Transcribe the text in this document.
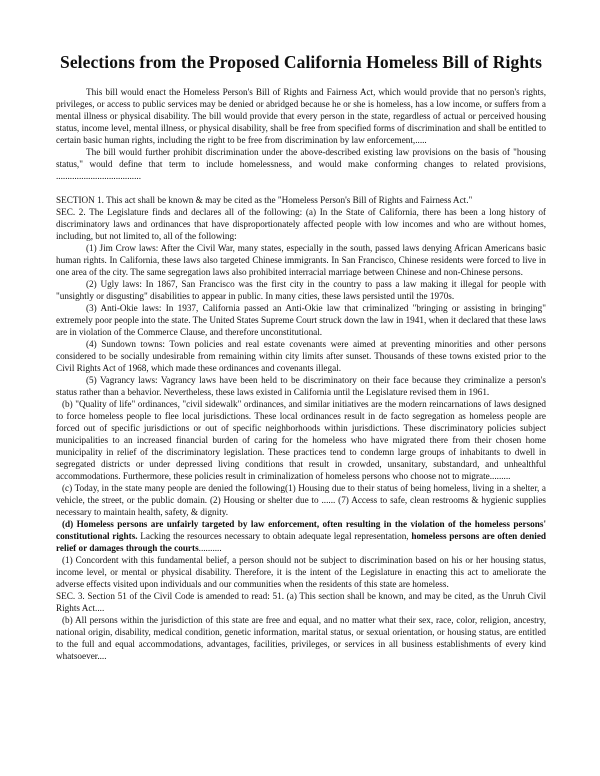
Selections from the Proposed California Homeless Bill of Rights

This bill would enact the Homeless Person's Bill of Rights and Fairness Act, which would provide that no person's rights, privileges, or access to public services may be denied or abridged because he or she is homeless, has a low income, or suffers from a mental illness or physical disability. The bill would provide that every person in the state, regardless of actual or perceived housing status, income level, mental illness, or physical disability, shall be free from specified forms of discrimination and shall be entitled to certain basic human rights, including the right to be free from discrimination by law enforcement,.....

The bill would further prohibit discrimination under the above-described existing law provisions on the basis of "housing status," would define that term to include homelessness, and would make conforming changes to related provisions, .....................................

SECTION 1. This act shall be known & may be cited as the "Homeless Person's Bill of Rights and Fairness Act."

SEC. 2. The Legislature finds and declares all of the following: (a) In the State of California, there has been a long history of discriminatory laws and ordinances that have disproportionately affected people with low incomes and who are without homes, including, but not limited to, all of the following:

(1) Jim Crow laws: After the Civil War, many states, especially in the south, passed laws denying African Americans basic human rights. In California, these laws also targeted Chinese immigrants. In San Francisco, Chinese residents were forced to live in one area of the city. The same segregation laws also prohibited interracial marriage between Chinese and non-Chinese persons.

(2) Ugly laws: In 1867, San Francisco was the first city in the country to pass a law making it illegal for people with "unsightly or disgusting" disabilities to appear in public. In many cities, these laws persisted until the 1970s.

(3) Anti-Okie laws: In 1937, California passed an Anti-Okie law that criminalized "bringing or assisting in bringing" extremely poor people into the state. The United States Supreme Court struck down the law in 1941, when it declared that these laws are in violation of the Commerce Clause, and therefore unconstitutional.

(4) Sundown towns: Town policies and real estate covenants were aimed at preventing minorities and other persons considered to be socially undesirable from remaining within city limits after sunset. Thousands of these towns existed prior to the Civil Rights Act of 1968, which made these ordinances and covenants illegal.

(5) Vagrancy laws: Vagrancy laws have been held to be discriminatory on their face because they criminalize a person's status rather than a behavior. Nevertheless, these laws existed in California until the Legislature revised them in 1961.

(b) "Quality of life" ordinances, "civil sidewalk" ordinances, and similar initiatives are the modern reincarnations of laws designed to force homeless people to flee local jurisdictions. These local ordinances result in de facto segregation as homeless people are forced out of specific jurisdictions or out of specific neighborhoods within jurisdictions. These discriminatory policies subject municipalities to an increased financial burden of caring for the homeless who have migrated there from their chosen home municipality in relief of the discriminatory legislation. These practices tend to condemn large groups of inhabitants to dwell in segregated districts or under depressed living conditions that result in crowded, unsanitary, substandard, and unhealthful accommodations. Furthermore, these policies result in criminalization of homeless persons who choose not to migrate.........

(c) Today, in the state many people are denied the following(1) Housing due to their status of being homeless, living in a shelter, a vehicle, the street, or the public domain. (2) Housing or shelter due to ...... (7) Access to safe, clean restrooms & hygienic supplies necessary to maintain health, safety, & dignity.

(d) Homeless persons are unfairly targeted by law enforcement, often resulting in the violation of the homeless persons' constitutional rights. Lacking the resources necessary to obtain adequate legal representation, homeless persons are often denied relief or damages through the courts..........

(1) Concordent with this fundamental belief, a person should not be subject to discrimination based on his or her housing status, income level, or mental or physical disability. Therefore, it is the intent of the Legislature in enacting this act to ameliorate the adverse effects visited upon individuals and our communities when the residents of this state are homeless.

SEC. 3. Section 51 of the Civil Code is amended to read: 51. (a) This section shall be known, and may be cited, as the Unruh Civil Rights Act....

(b) All persons within the jurisdiction of this state are free and equal, and no matter what their sex, race, color, religion, ancestry, national origin, disability, medical condition, genetic information, marital status, or sexual orientation, or housing status, are entitled to the full and equal accommodations, advantages, facilities, privileges, or services in all business establishments of every kind whatsoever....
